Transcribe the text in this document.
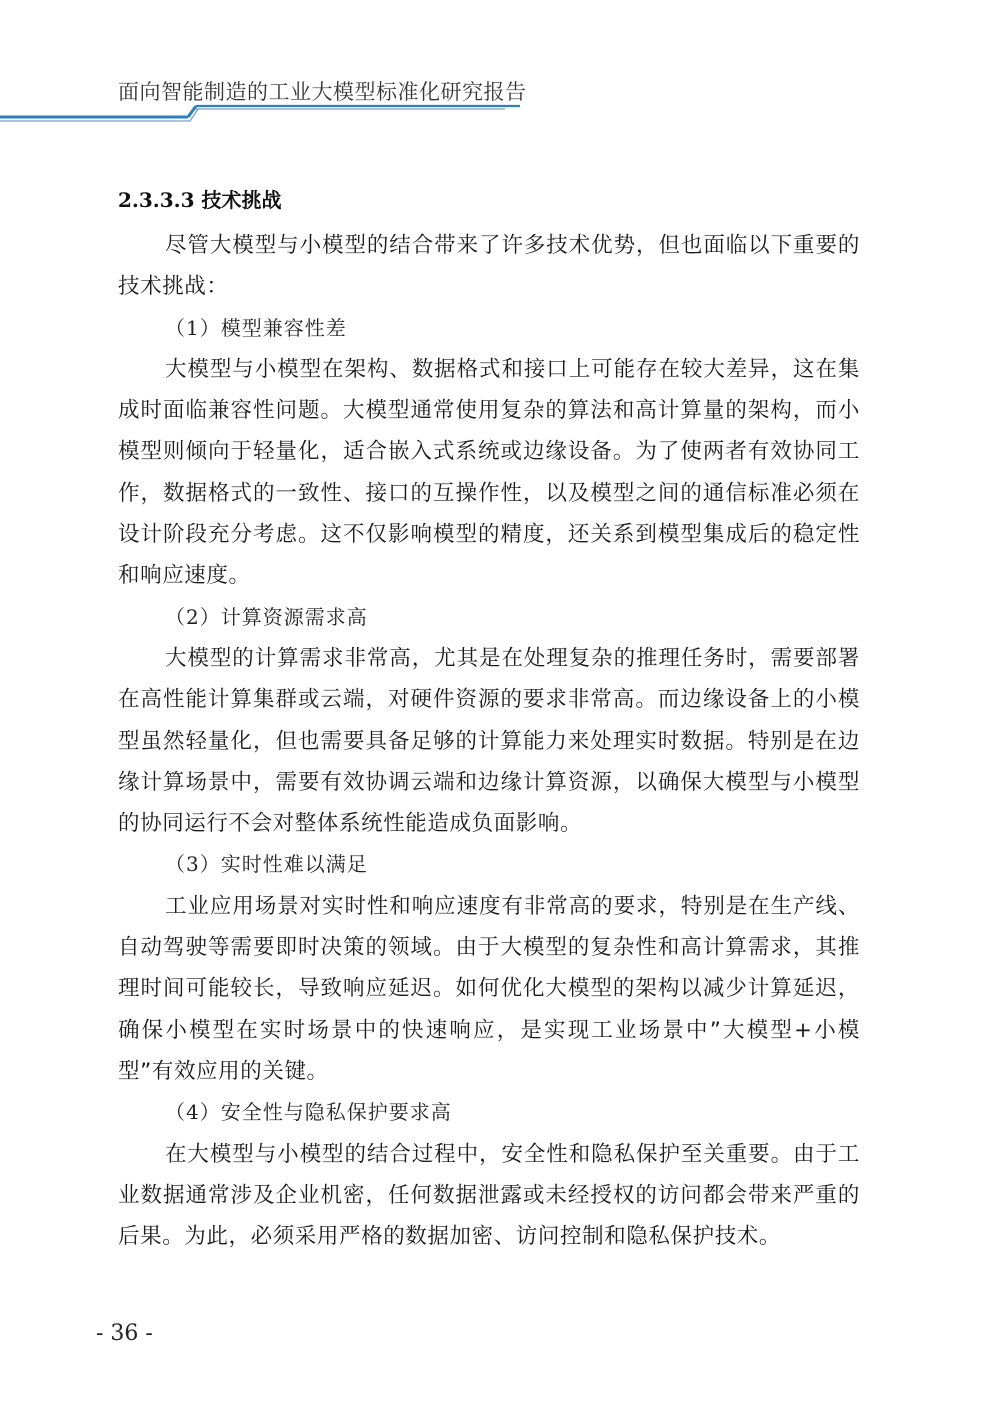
面向智能制造的工业大模型标准化研究报告
2.3.3.3 技术挑战

尽管大模型与小模型的结合带来了许多技术优势，但也面临以下重要的技术挑战：

（1）模型兼容性差

大模型与小模型在架构、数据格式和接口上可能存在较大差异，这在集成时面临兼容性问题。大模型通常使用复杂的算法和高计算量的架构，而小模型则倾向于轻量化，适合嵌入式系统或边缘设备。为了使两者有效协同工作，数据格式的一致性、接口的互操作性，以及模型之间的通信标准必须在设计阶段充分考虑。这不仅影响模型的精度，还关系到模型集成后的稳定性和响应速度。

（2）计算资源需求高

大模型的计算需求非常高，尤其是在处理复杂的推理任务时，需要部署在高性能计算集群或云端，对硬件资源的要求非常高。而边缘设备上的小模型虽然轻量化，但也需要具备足够的计算能力来处理实时数据。特别是在边缘计算场景中，需要有效协调云端和边缘计算资源，以确保大模型与小模型的协同运行不会对整体系统性能造成负面影响。

（3）实时性难以满足

工业应用场景对实时性和响应速度有非常高的要求，特别是在生产线、自动驾驶等需要即时决策的领域。由于大模型的复杂性和高计算需求，其推理时间可能较长，导致响应延迟。如何优化大模型的架构以减少计算延迟，确保小模型在实时场景中的快速响应，是实现工业场景中”大模型+小模型”有效应用的关键。

（4）安全性与隐私保护要求高

在大模型与小模型的结合过程中，安全性和隐私保护至关重要。由于工业数据通常涉及企业机密，任何数据泄露或未经授权的访问都会带来严重的后果。为此，必须采用严格的数据加密、访问控制和隐私保护技术。

- 36 -
